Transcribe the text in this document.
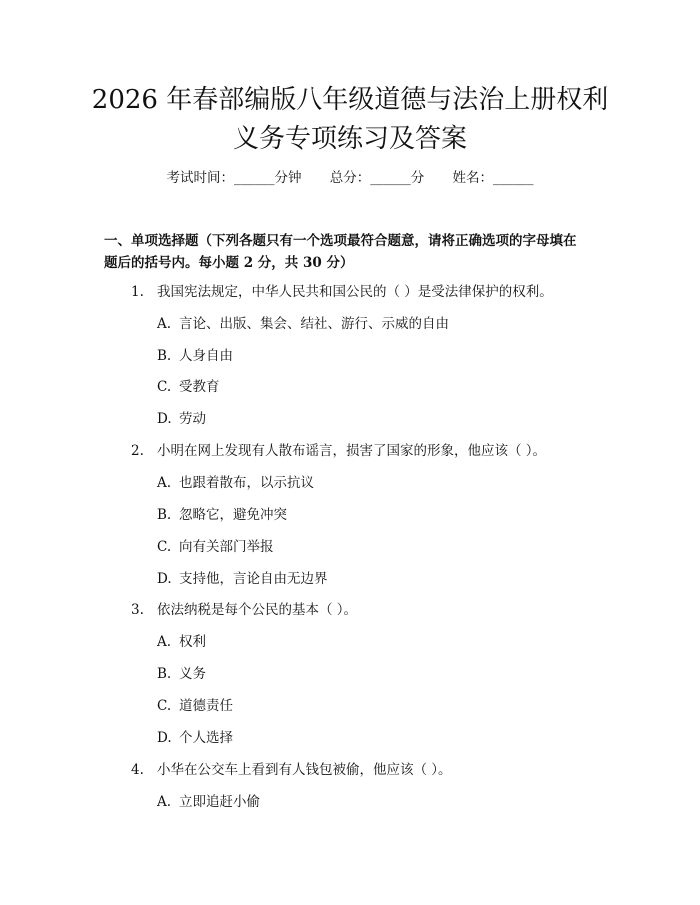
2026 年春部编版八年级道德与法治上册权利
义务专项练习及答案
考试时间：______分钟 总分：______分 姓名：______
一、单项选择题（下列各题只有一个选项最符合题意，请将正确选项的字母填在
题后的括号内。每小题 2 分，共 30 分）
1. 我国宪法规定，中华人民共和国公民的（ ）是受法律保护的权利。
A. 言论、出版、集会、结社、游行、示威的自由
B. 人身自由
C. 受教育
D. 劳动
2. 小明在网上发现有人散布谣言，损害了国家的形象，他应该（ ）。
A. 也跟着散布，以示抗议
B. 忽略它，避免冲突
C. 向有关部门举报
D. 支持他，言论自由无边界
3. 依法纳税是每个公民的基本（ ）。
A. 权利
B. 义务
C. 道德责任
D. 个人选择
4. 小华在公交车上看到有人钱包被偷，他应该（ ）。
A. 立即追赶小偷
